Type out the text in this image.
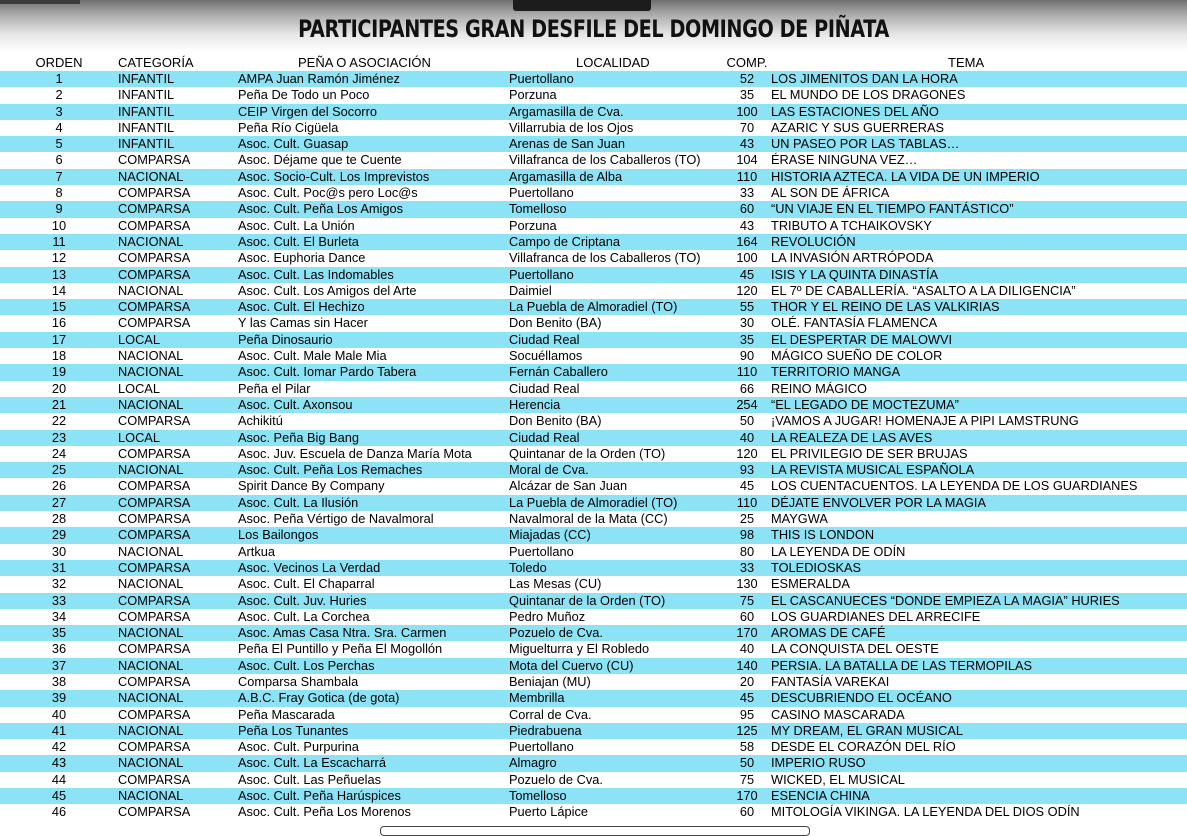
PARTICIPANTES GRAN DESFILE DEL DOMINGO DE PIÑATA
ORDEN	CATEGORÍA	PEÑA O ASOCIACIÓN	LOCALIDAD	COMP.	TEMA
1	INFANTIL	AMPA Juan Ramón Jiménez	Puertollano	52	LOS JIMENITOS DAN LA HORA
2	INFANTIL	Peña De Todo un Poco	Porzuna	35	EL MUNDO DE LOS DRAGONES
3	INFANTIL	CEIP Virgen del Socorro	Argamasilla de Cva.	100	LAS ESTACIONES DEL AÑO
4	INFANTIL	Peña Río Cigüela	Villarrubia de los Ojos	70	AZARIC Y SUS GUERRERAS
5	INFANTIL	Asoc. Cult. Guasap	Arenas de San Juan	43	UN PASEO POR LAS TABLAS…
6	COMPARSA	Asoc. Déjame que te Cuente	Villafranca de los Caballeros (TO)	104	ÉRASE NINGUNA VEZ…
7	NACIONAL	Asoc. Socio-Cult. Los Imprevistos	Argamasilla de Alba	110	HISTORIA AZTECA. LA VIDA DE UN IMPERIO
8	COMPARSA	Asoc. Cult. Poc@s pero Loc@s	Puertollano	33	AL SON DE ÁFRICA
9	COMPARSA	Asoc. Cult. Peña Los Amigos	Tomelloso	60	“UN VIAJE EN EL TIEMPO FANTÁSTICO”
10	COMPARSA	Asoc. Cult. La Unión	Porzuna	43	TRIBUTO A TCHAIKOVSKY
11	NACIONAL	Asoc. Cult. El Burleta	Campo de Criptana	164	REVOLUCIÓN
12	COMPARSA	Asoc. Euphoria Dance	Villafranca de los Caballeros (TO)	100	LA INVASIÓN ARTRÓPODA
13	COMPARSA	Asoc. Cult. Las Indomables	Puertollano	45	ISIS Y LA QUINTA DINASTÍA
14	NACIONAL	Asoc. Cult. Los Amigos del Arte	Daimiel	120	EL 7º DE CABALLERÍA. “ASALTO A LA DILIGENCIA”
15	COMPARSA	Asoc. Cult. El Hechizo	La Puebla de Almoradiel (TO)	55	THOR Y EL REINO DE LAS VALKIRIAS
16	COMPARSA	Y las Camas sin Hacer	Don Benito (BA)	30	OLÉ. FANTASÍA FLAMENCA
17	LOCAL	Peña Dinosaurio	Ciudad Real	35	EL DESPERTAR DE MALOWVI
18	NACIONAL	Asoc. Cult. Male Male Mia	Socuéllamos	90	MÁGICO SUEÑO DE COLOR
19	NACIONAL	Asoc. Cult. Iomar Pardo Tabera	Fernán Caballero	110	TERRITORIO MANGA
20	LOCAL	Peña el Pilar	Ciudad Real	66	REINO MÁGICO
21	NACIONAL	Asoc. Cult. Axonsou	Herencia	254	“EL LEGADO DE MOCTEZUMA”
22	COMPARSA	Achikitú	Don Benito (BA)	50	¡VAMOS A JUGAR! HOMENAJE A PIPI LAMSTRUNG
23	LOCAL	Asoc. Peña Big Bang	Ciudad Real	40	LA REALEZA DE LAS AVES
24	COMPARSA	Asoc. Juv. Escuela de Danza María Mota	Quintanar de la Orden (TO)	120	EL PRIVILEGIO DE SER BRUJAS
25	NACIONAL	Asoc. Cult. Peña Los Remaches	Moral de Cva.	93	LA REVISTA MUSICAL ESPAÑOLA
26	COMPARSA	Spirit Dance By Company	Alcázar de San Juan	45	LOS CUENTACUENTOS. LA LEYENDA DE LOS GUARDIANES
27	COMPARSA	Asoc. Cult. La Ilusión	La Puebla de Almoradiel (TO)	110	DÉJATE ENVOLVER POR LA MAGIA
28	COMPARSA	Asoc. Peña Vértigo de Navalmoral	Navalmoral de la Mata (CC)	25	MAYGWA
29	COMPARSA	Los Bailongos	Miajadas (CC)	98	THIS IS LONDON
30	NACIONAL	Artkua	Puertollano	80	LA LEYENDA DE ODÍN
31	COMPARSA	Asoc. Vecinos La Verdad	Toledo	33	TOLEDIOSKAS
32	NACIONAL	Asoc. Cult. El Chaparral	Las Mesas (CU)	130	ESMERALDA
33	COMPARSA	Asoc. Cult. Juv. Huries	Quintanar de la Orden (TO)	75	EL CASCANUECES “DONDE EMPIEZA LA MAGIA” HURIES
34	COMPARSA	Asoc. Cult. La Corchea	Pedro Muñoz	60	LOS GUARDIANES DEL ARRECIFE
35	NACIONAL	Asoc. Amas Casa Ntra. Sra. Carmen	Pozuelo de Cva.	170	AROMAS DE CAFÉ
36	COMPARSA	Peña El Puntillo y Peña El Mogollón	Miguelturra y El Robledo	40	LA CONQUISTA DEL OESTE
37	NACIONAL	Asoc. Cult. Los Perchas	Mota del Cuervo (CU)	140	PERSIA. LA BATALLA DE LAS TERMOPILAS
38	COMPARSA	Comparsa Shambala	Beniajan (MU)	20	FANTASÍA VAREKAI
39	NACIONAL	A.B.C. Fray Gotica (de gota)	Membrilla	45	DESCUBRIENDO EL OCÉANO
40	COMPARSA	Peña Mascarada	Corral de Cva.	95	CASINO MASCARADA
41	NACIONAL	Peña Los Tunantes	Piedrabuena	125	MY DREAM, EL GRAN MUSICAL
42	COMPARSA	Asoc. Cult. Purpurina	Puertollano	58	DESDE EL CORAZÓN DEL RÍO
43	NACIONAL	Asoc. Cult. La Escacharrá	Almagro	50	IMPERIO RUSO
44	COMPARSA	Asoc. Cult. Las Peñuelas	Pozuelo de Cva.	75	WICKED, EL MUSICAL
45	NACIONAL	Asoc. Cult. Peña Harúspices	Tomelloso	170	ESENCIA CHINA
46	COMPARSA	Asoc. Cult. Peña Los Morenos	Puerto Lápice	60	MITOLOGÍA VIKINGA. LA LEYENDA DEL DIOS ODÍN
